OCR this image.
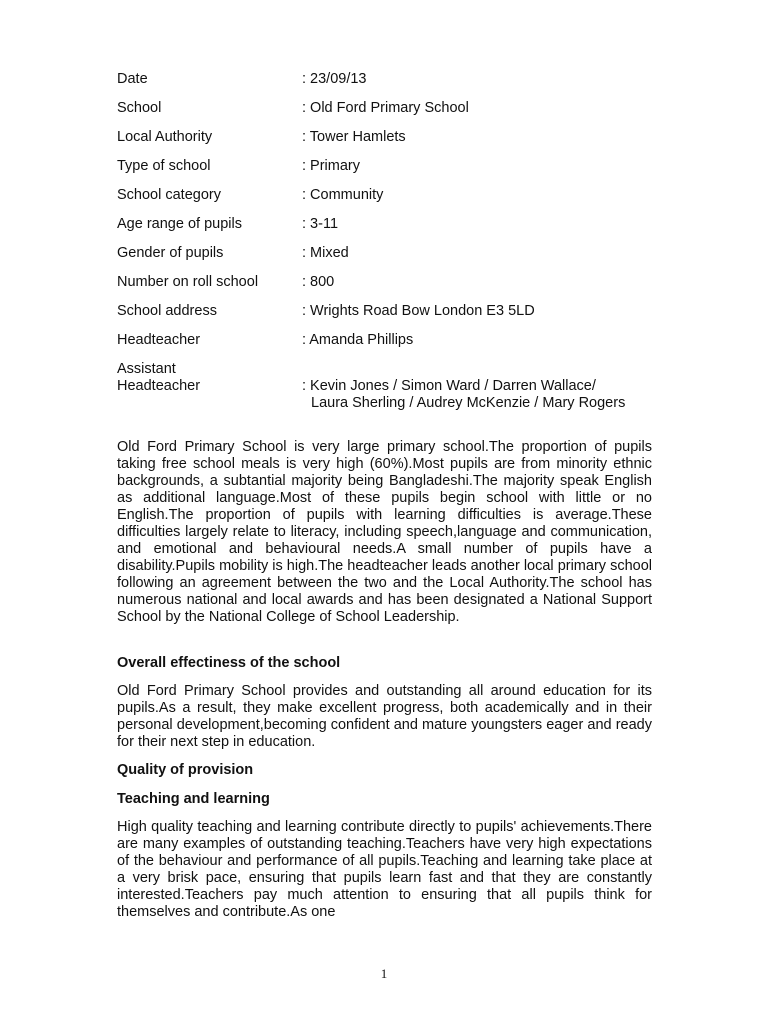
Date	: 23/09/13
School	: Old Ford Primary School
Local Authority	: Tower Hamlets
Type of school	: Primary
School category	: Community
Age range of pupils	: 3-11
Gender of pupils	: Mixed
Number on roll school	: 800
School address	: Wrights Road Bow London E3 5LD
Headteacher	: Amanda Phillips
Assistant
Headteacher	: Kevin Jones / Simon Ward / Darren Wallace/
Laura Sherling / Audrey McKenzie / Mary Rogers

Old Ford Primary School is very large primary school.The proportion of pupils taking free school meals is very high (60%).Most pupils are from minority ethnic backgrounds, a subtantial majority being Bangladeshi.The majority speak English as additional language.Most of these pupils begin school with little or no English.The proportion of pupils with learning difficulties is average.These difficulties largely relate to literacy, including speech,language and communication, and emotional and behavioural needs.A small number of pupils have a disability.Pupils mobility is high.The headteacher leads another local primary school following an agreement between the two and the Local Authority.The school has numerous national and local awards and has been designated a National Support School by the National College of School Leadership.

Overall effectiness of the school

Old Ford Primary School provides and outstanding all around education for its pupils.As a result, they make excellent progress, both academically and in their personal development,becoming confident and mature youngsters eager and ready for their next step in education.

Quality of provision
Teaching and learning

High quality teaching and learning contribute directly to pupils' achievements.There are many examples of outstanding teaching.Teachers have very high expectations of the behaviour and performance of all pupils.Teaching and learning take place at a very brisk pace, ensuring that pupils learn fast and that they are constantly interested.Teachers pay much attention to ensuring that all pupils think for themselves and contribute.As one

1
